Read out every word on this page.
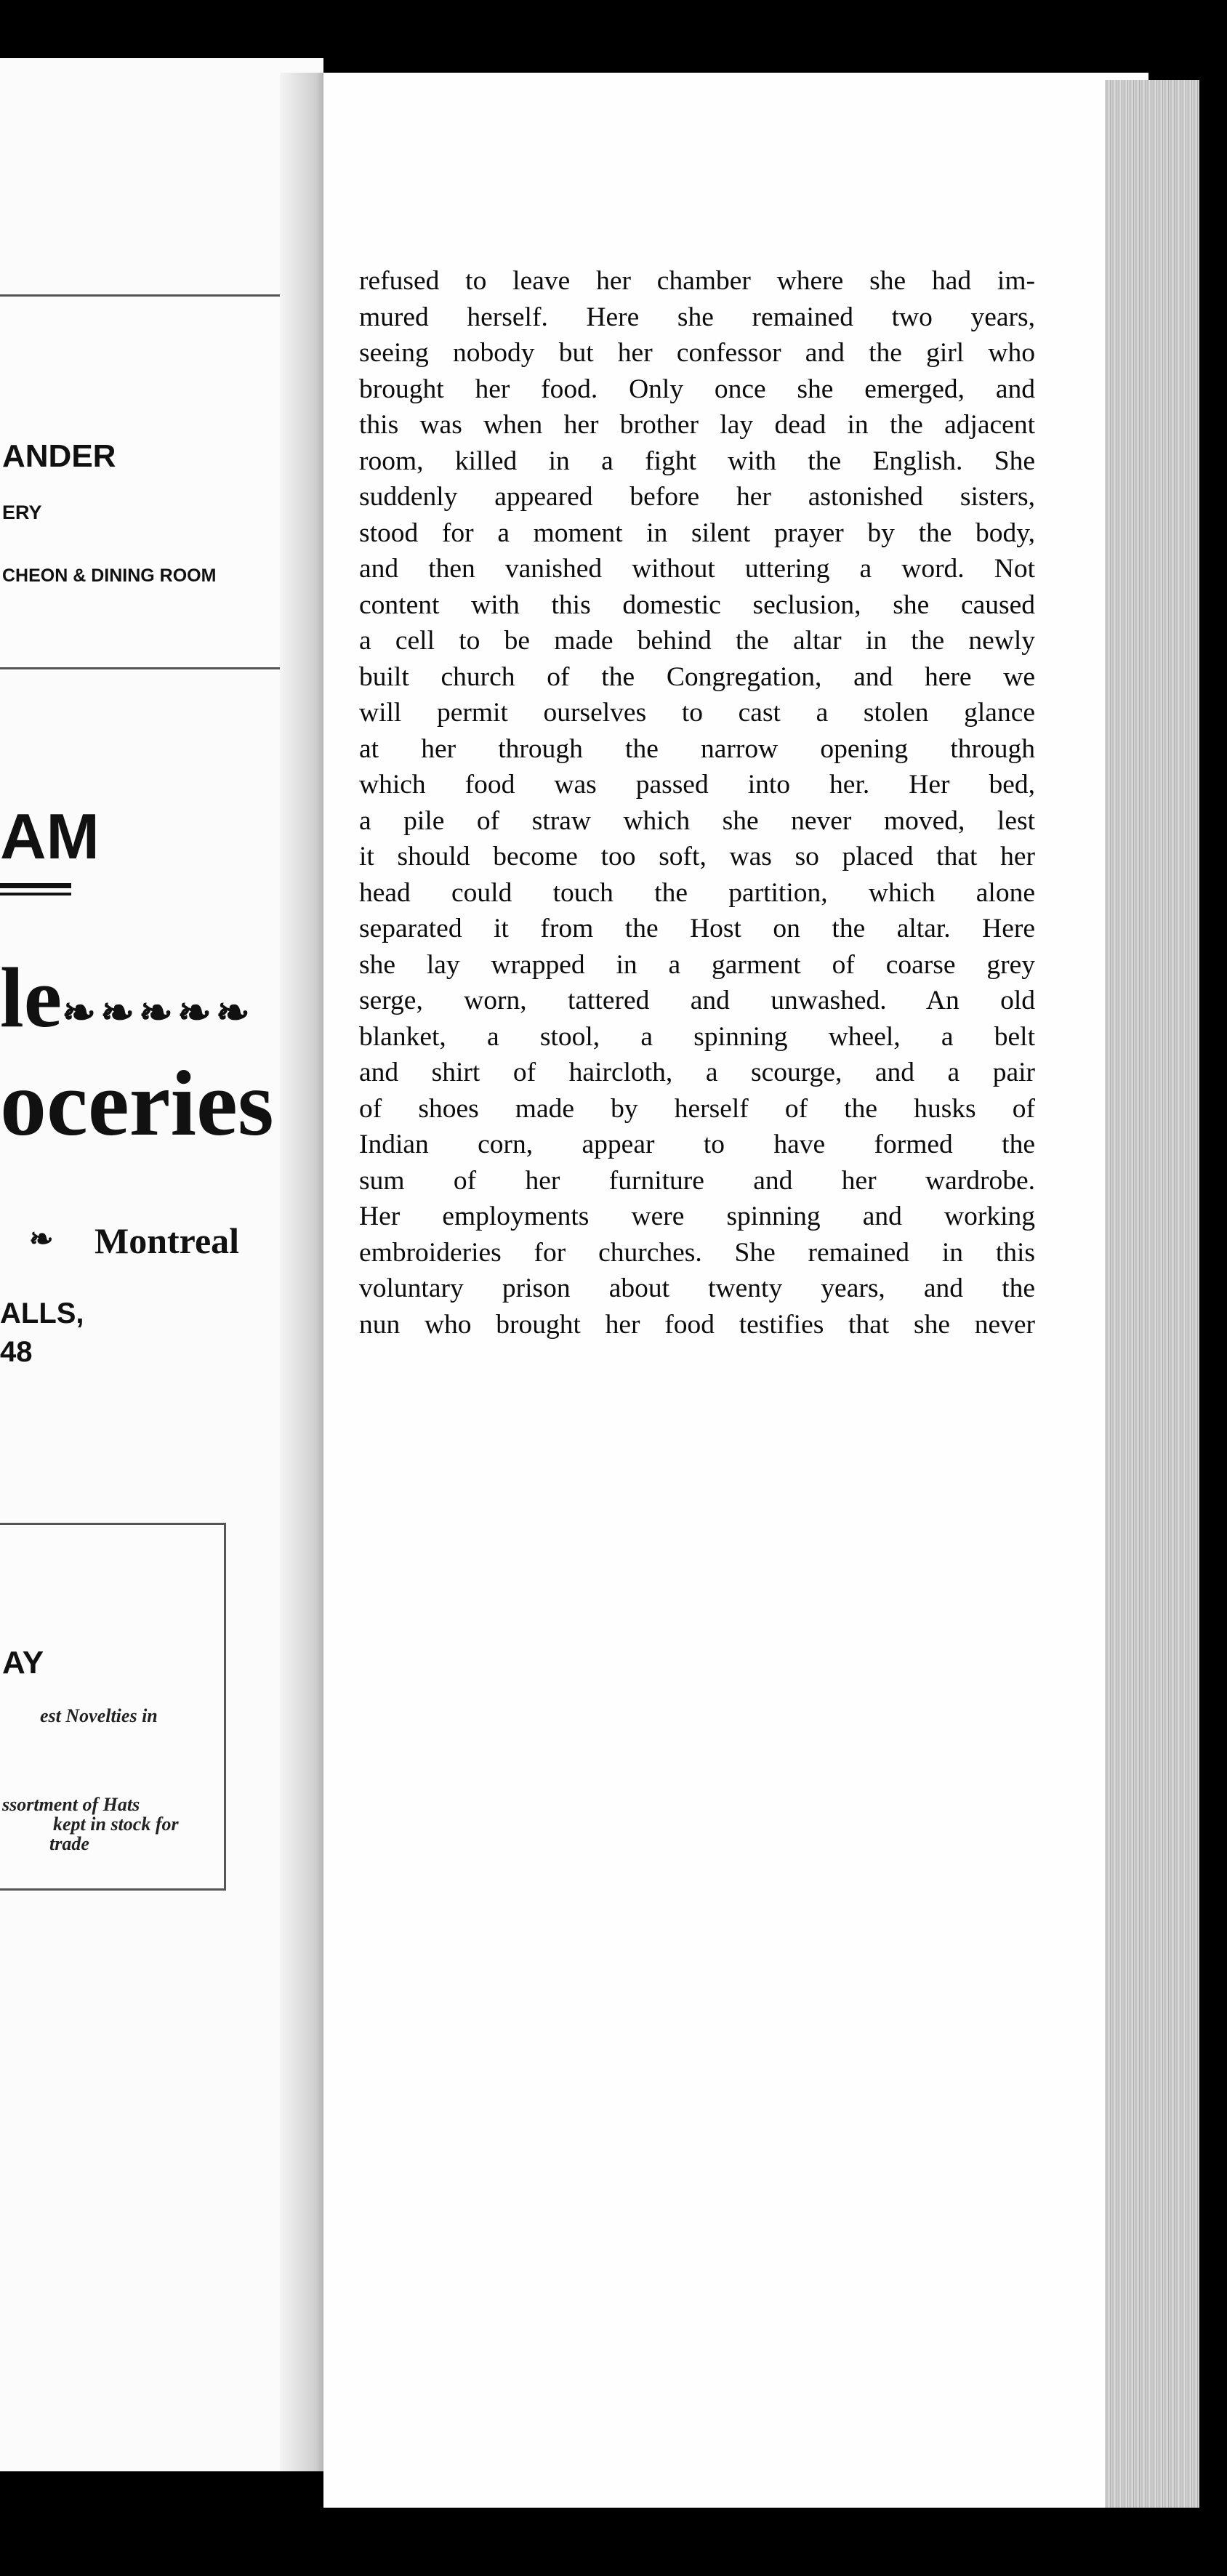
ANDER
ERY
CHEON & DINING ROOM
AM
le❧❧❧❧❧
oceries
❧ Montreal
ALLS,
48
AY
est Novelties in
ssortment of Hats
kept in stock for
trade
refused to leave her chamber where she had im-
mured herself. Here she remained two years,
seeing nobody but her confessor and the girl who
brought her food. Only once she emerged, and
this was when her brother lay dead in the adjacent
room, killed in a fight with the English. She
suddenly appeared before her astonished sisters,
stood for a moment in silent prayer by the body,
and then vanished without uttering a word. Not
content with this domestic seclusion, she caused
a cell to be made behind the altar in the newly
built church of the Congregation, and here we
will permit ourselves to cast a stolen glance
at her through the narrow opening through
which food was passed into her. Her bed,
a pile of straw which she never moved, lest
it should become too soft, was so placed that her
head could touch the partition, which alone
separated it from the Host on the altar. Here
she lay wrapped in a garment of coarse grey
serge, worn, tattered and unwashed. An old
blanket, a stool, a spinning wheel, a belt
and shirt of haircloth, a scourge, and a pair
of shoes made by herself of the husks of
Indian corn, appear to have formed the
sum of her furniture and her wardrobe.
Her employments were spinning and working
embroideries for churches. She remained in this
voluntary prison about twenty years, and the
nun who brought her food testifies that she never
